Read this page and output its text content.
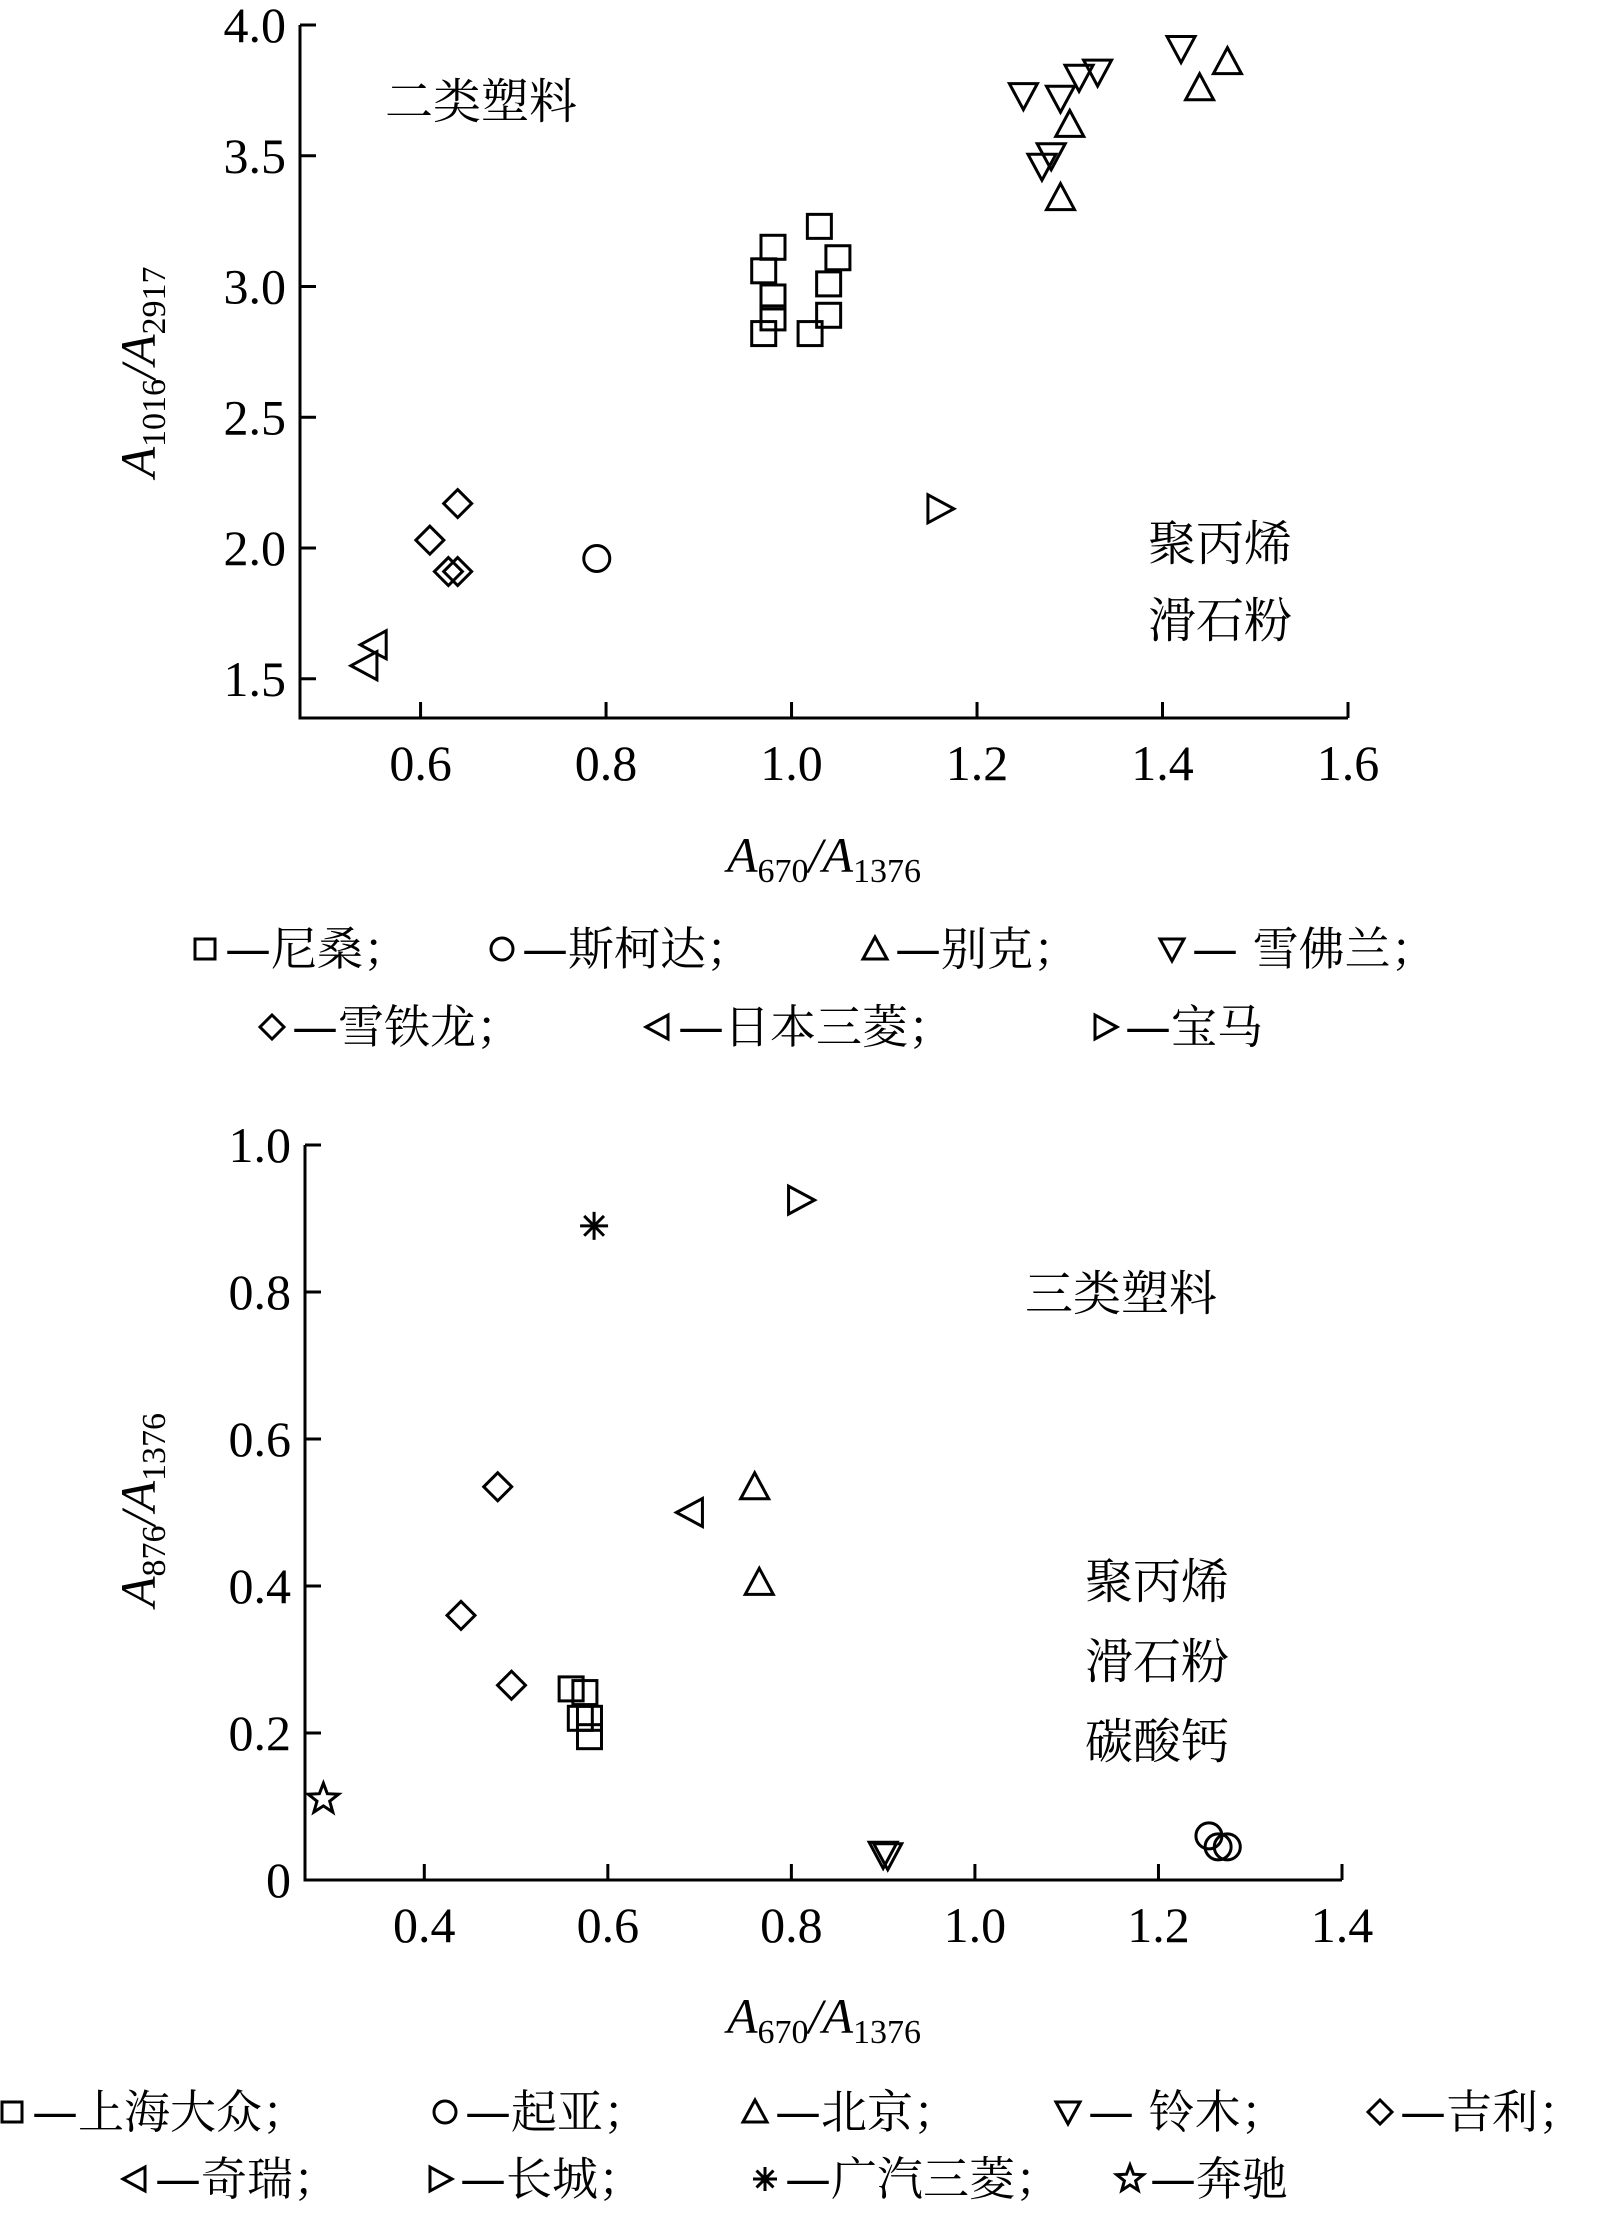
0.6 0.8 1.0 1.2 1.4 1.6
1.5
2.0
2.5
3.0
3.5
4.0
$A_{670}/A_{1376}$
$A_{1016}/A_{2917}$
二类塑料
聚丙烯
滑石粉
—尼桑； —斯柯达；	—别克； — 雪佛兰；
—雪铁龙；	—日本三菱；	—宝马
0.4 0.6 0.8 1.0 1.2 1.4
0
0.2
0.4
0.6
0.8
1.0
$A_{670}/A_{1376}$
$A_{876}/A_{1376}$
三类塑料
聚丙烯
滑石粉
碳酸钙
—上海大众；	—起亚；	—北京；	— 铃木； —吉利；
—奇瑞；	—长城；	—广汽三菱； —奔驰
